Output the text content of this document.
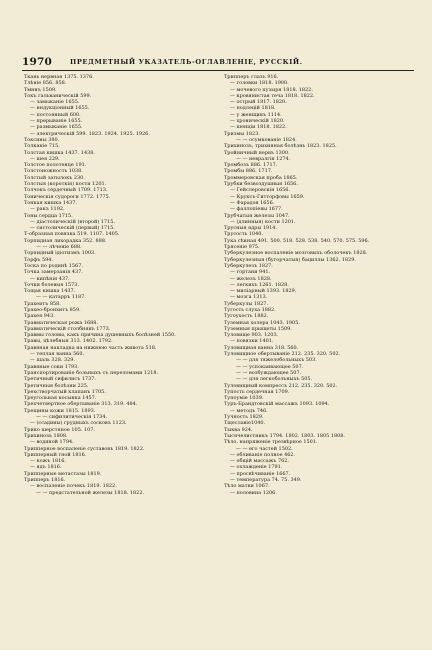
1970	ПРЕДМЕТНЫЙ УКАЗАТЕЛЬ-ОГЛАВЛЕНІЕ, РУССКІЙ.
Ткань нервная 1375. 1376.
Тлѣніе 856. 858.
Тмннъ 1509.
Токъ гальваническій 599.
— замыканіе 1655.
— индукціонный 1655.
— постоянный 600.
— прерываніе 1655.
— размыканіе 1655.
— электрическій 599. 1823. 1924. 1925. 1926.
Токсины 380.
Толканіе 715.
Толстая кишка 1437. 1438.
— шея 229.
Толстое полотенце 191.
Толстоножность 1038.
Толстый затылокъ 230.
Толстыя (короткія) кости 1201.
Толчокъ сердечный 1709. 1713.
Тоническія судороги 1772. 1775.
Тонкая кишка 1437.
— ракъ 1192.
Тоны сердца 1715.
— діастолическій (второй) 1715.
— систолическій (первый) 1715.
Т-образная повязка 519. 1107. 1405.
Торпидная лихорадка 352. 888.
— — лѣченіе 688.
Торпидный ідіотизмъ 1003.
Торфъ 594.
Тоска по родинѣ 1567.
Точка замерзанія 437.
— кипѣнія 437.
Точки болевыя 1573.
Тощая кишка 1437.
— — катарръ 1187.
Трахеитъ 858.
Трахео-бронхитъ 859.
Трахея 943.
Травматическая рожа 1688.
Травматическій столбнякъ 1773.
Травмы головы, какъ причина душевныхъ болѣзней 1550.
Травы, цѣлебныя 313. 1402. 1792.
Травяная накладка на нижнюю часть живота 518.
— теплая ванна 560.
— шаль 328. 329.
Травяные соки 1793.
Транспортированіе больныхъ съ переломами 1218.
Третичный сифилисъ 1737.
Третичныя болѣзни 225.
Трехстворчатый клапанъ 1705.
Треугольная косынка 1457.
Трехчетвертное обертываніе 313. 319. 484.
Трещины кожи 1815. 1893.
— — сифилитическія 1734.
— (ссадины) грудныхъ сосковъ 1123.
Трико шерстяное 105. 107.
Трихинозъ 1808.
— водяной 1794.
Трипперное воспаленіе суставовъ 1819. 1822.
Трипперный гной 1816.
— кожъ 1816.
— ядъ 1816.
Трипперные метастазы 1819.
Трипперъ 1816.
— воспаленіе почекъ 1819. 1822.
— — предстательной железы 1818. 1822.
Трипперъ глазъ 916.
— головки 1818. 1900.
— мочевого пузыря 1818. 1822.
— кровянистая теча 1818. 1822.
— острый 1817. 1820.
— подлецій 1818.
— у женщинъ 1114.
— хроническій 1820.
— шенціи 1818. 1822.
Тризмы 1823.
— — осумкованіе 1824.
Трихинозъ, трихинная болѣзнь 1823. 1825.
Тройничный нервъ 1300.
— — невралгія 1274.
Тромбозъ 886. 1717.
Тромбы 886. 1717.
Троммеровская проба 1865.
Трубки безвоздушныя 1656.
— Гейслеровскія 1656.
— Круксъ-Гитторфовы 1659.
— Фарадэя 1656.
— фаллопіевы 1677.
Трубчатыя железы 1047.
— (длинныя) кости 1201.
Трусныя ядры 1914.
Трусость 1040.
Тука сѣнная 491. 500. 518. 528. 538. 540. 570. 575. 596.
Трясеніе 975.
Туберкулезное воспаленіе мозговыхъ оболочекъ 1828.
Туберкулезныя (бугорчатыя) бациллы 1362. 1829.
Туберкулезъ 1827.
— гортани 941.
— железъ 1828.
— легкихъ 1261. 1828.
— миліарный 1393. 1829.
— мозга 1313.
Туберкулы 1827.
Тугость слуха 1882.
Тугоухость 1882.
Туземная холера 1043. 1905.
Туземныя прыщеты 1509.
Туловище 903. 1203.
— повязки 1401.
Туловищная ванна 318. 560.
Туловищное обертываніе 212. 235. 320. 502.
— — для тяжелобольныхъ 503.
— — успокаивающее 507.
— — возбуждающее 507.
— — для легкобольныхъ 505.
Туловищный компрессъ 212. 235. 320. 502.
Тупость сердечная 1709.
Тупоуміе 1039.
Туръ-Брандтовскій массажъ 1093. 1094.
— методъ 746.
Тучность 1829.
Тщеславіе1040.
Тыква 924.
Тысячелистникъ 1794. 1802. 1803. 1805 1808.
Тѣло, напряженіе трезвѣрное 1501.
— — его частей 1502.
— обливаніе полное 462.
— общій массажъ 762.
— охлажденіе 1791.
— просвѣчиваніе 1667.
— температура 74. 75. 349.
Тѣло матки 1067.
— половина 1206.
